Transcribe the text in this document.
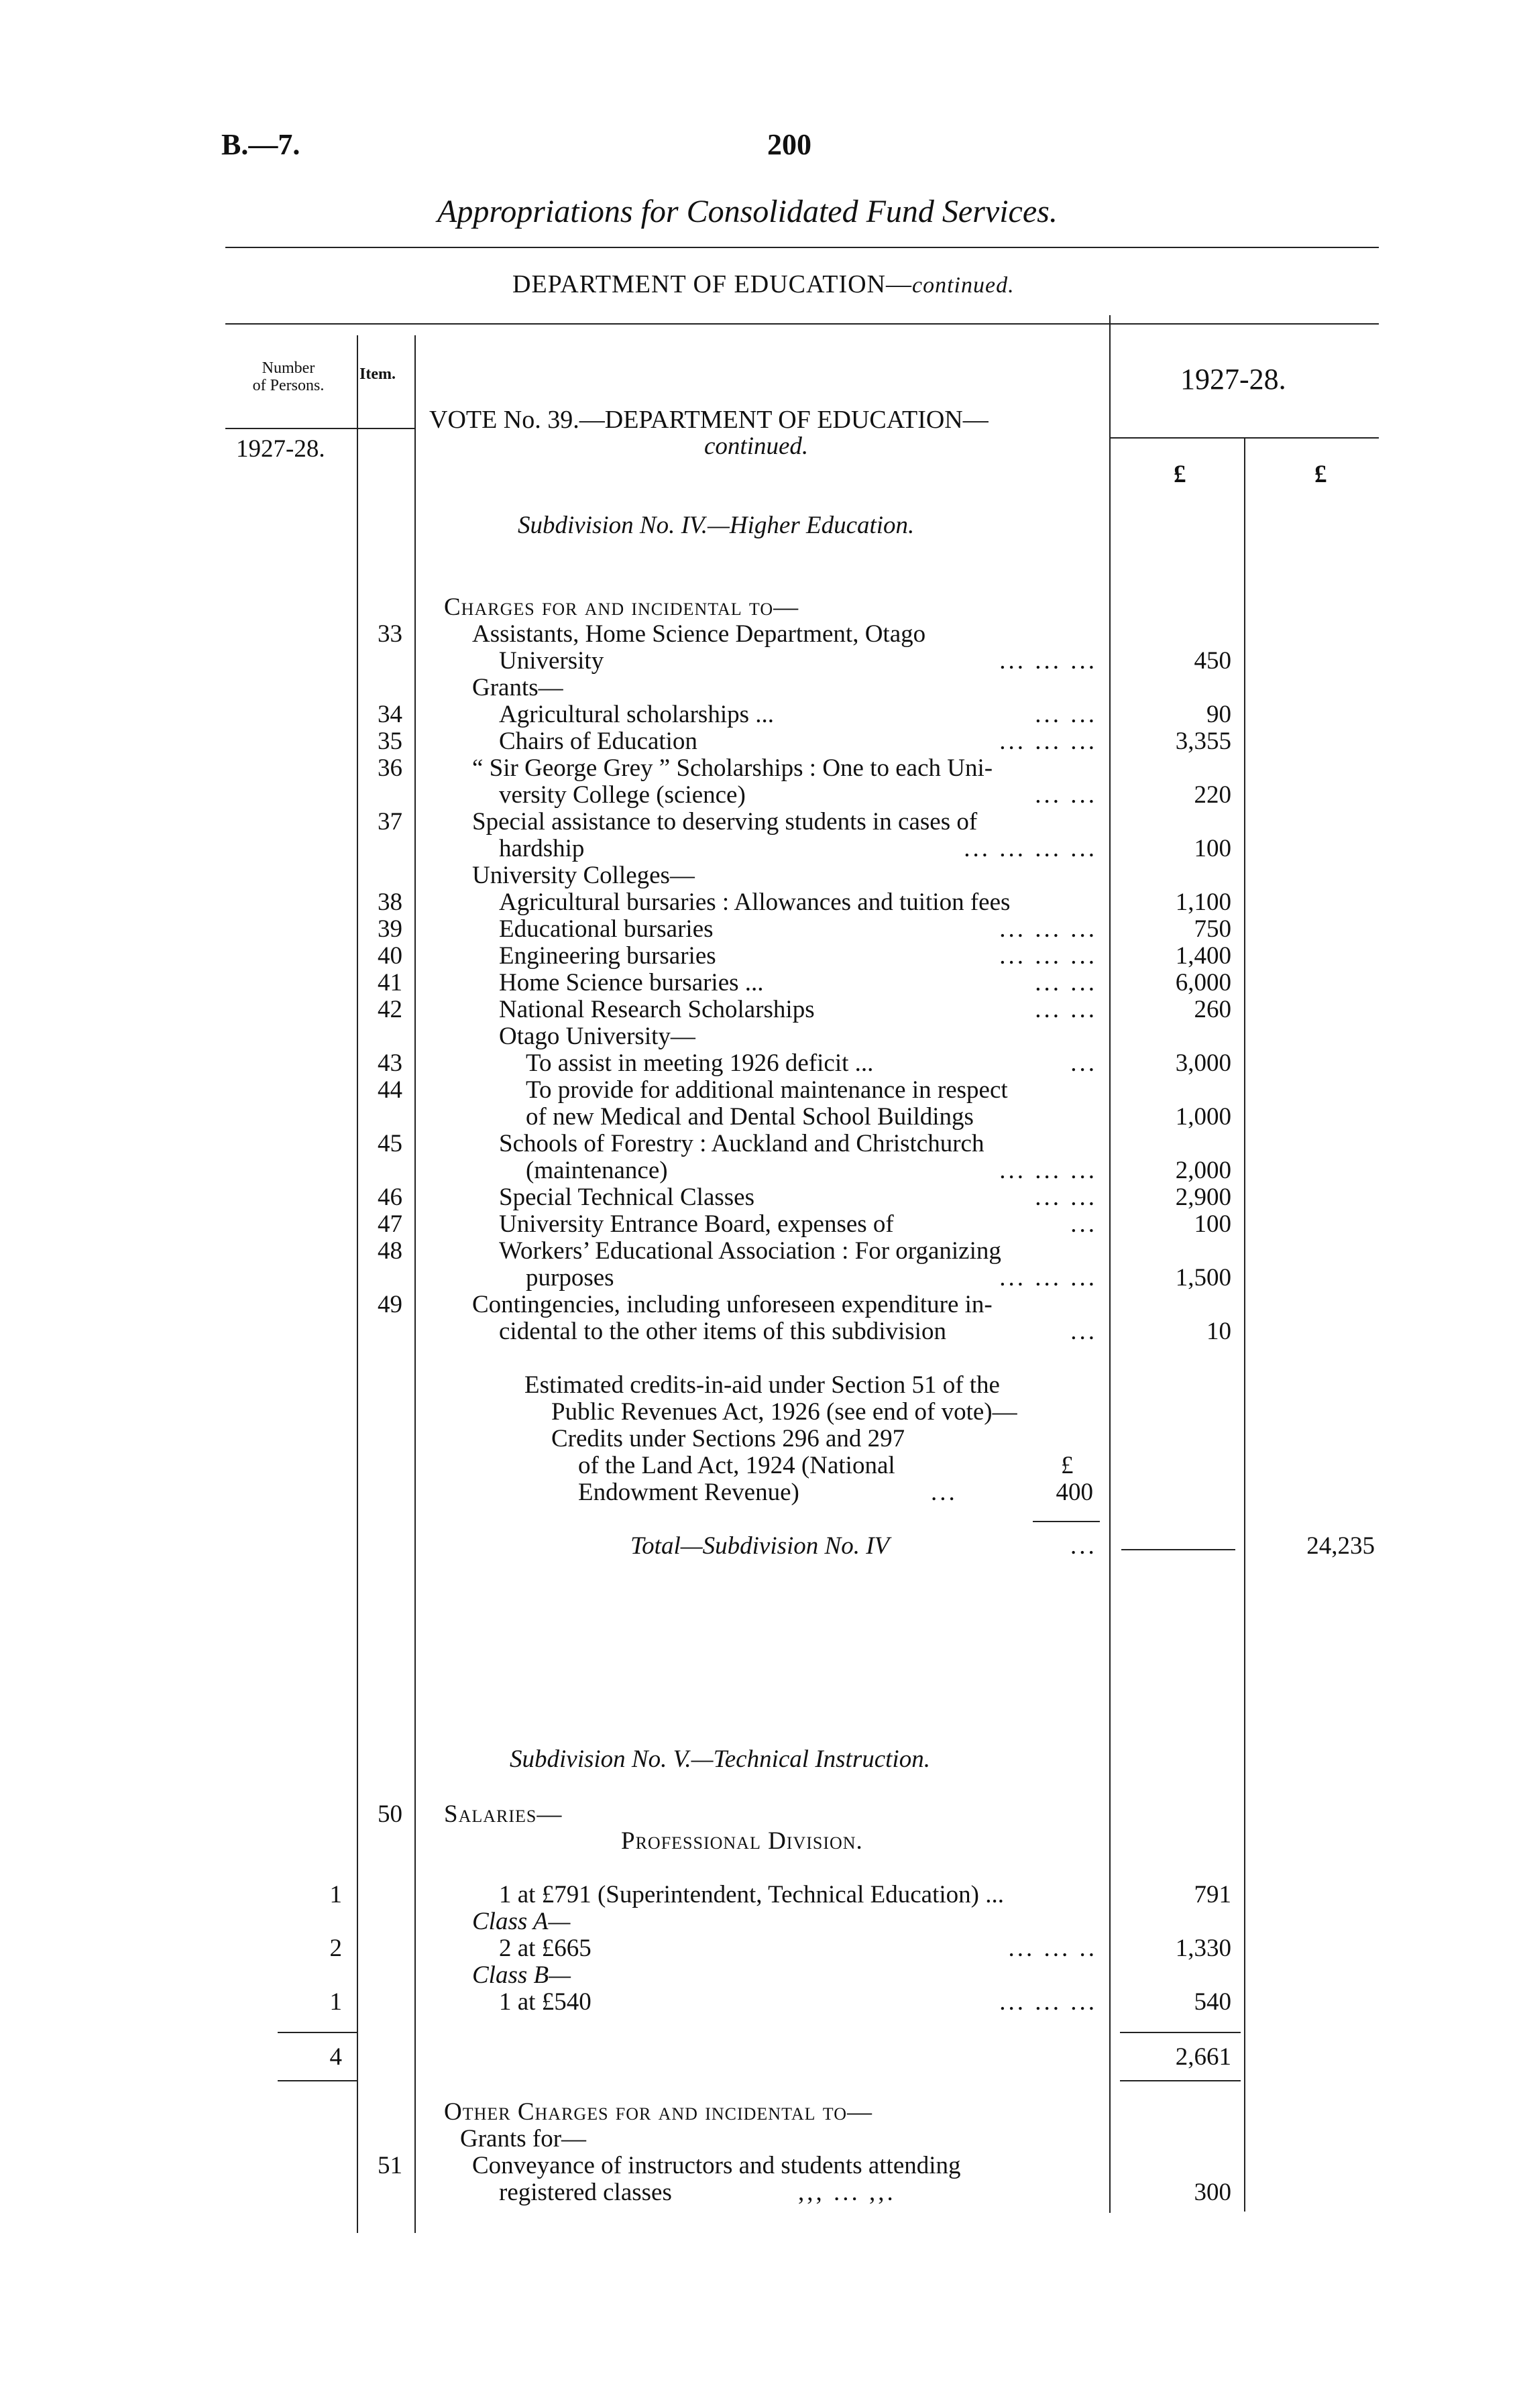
B.—7.	200
Appropriations for Consolidated Fund Services.
DEPARTMENT OF EDUCATION—continued.
Number
of Persons.
Item.	1927-28.
1927-28.
VOTE No. 39.—DEPARTMENT OF EDUCATION—
continued.
£	£
Subdivision No. IV.—Higher Education.
Charges for and incidental to—
33	Assistants, Home Science Department, Otago
University	... ... ...	450
Grants—
34	Agricultural scholarships ...	... ...	90
35	Chairs of Education	... ... ...	3,355
36	“ Sir George Grey ” Scholarships : One to each Uni-
versity College (science)	... ...	220
37	Special assistance to deserving students in cases of
hardship	... ... ... ...	100
University Colleges—
38	Agricultural bursaries : Allowances and tuition fees	1,100
39	Educational bursaries	... ... ...	750
40	Engineering bursaries	... ... ...	1,400
41	Home Science bursaries ...	... ...	6,000
42	National Research Scholarships	... ...	260
Otago University—
43	To assist in meeting 1926 deficit ...	...	3,000
44	To provide for additional maintenance in respect
of new Medical and Dental School Buildings	1,000
45	Schools of Forestry : Auckland and Christchurch
(maintenance)	... ... ...	2,000
46	Special Technical Classes	... ...	2,900
47	University Entrance Board, expenses of	...	100
48	Workers’ Educational Association : For organizing
purposes	... ... ...	1,500
49	Contingencies, including unforeseen expenditure in-
cidental to the other items of this subdivision	...	10
Estimated credits-in-aid under Section 51 of the
Public Revenues Act, 1926 (see end of vote)—
Credits under Sections 296 and 297
of the Land Act, 1924 (National	£
Endowment Revenue)	...	400
Total—Subdivision No. IV	...	24,235
Subdivision No. V.—Technical Instruction.
50 Salaries—
Professional Division.
1	1 at £791 (Superintendent, Technical Education) ...	791
Class A—
2	2 at £665	... ... ..	1,330
Class B—
1	1 at £540	... ... ...	540
4	2,661
Other Charges for and incidental to—
Grants for—
51	Conveyance of instructors and students attending
registered classes	,,, ... ,,.	300
